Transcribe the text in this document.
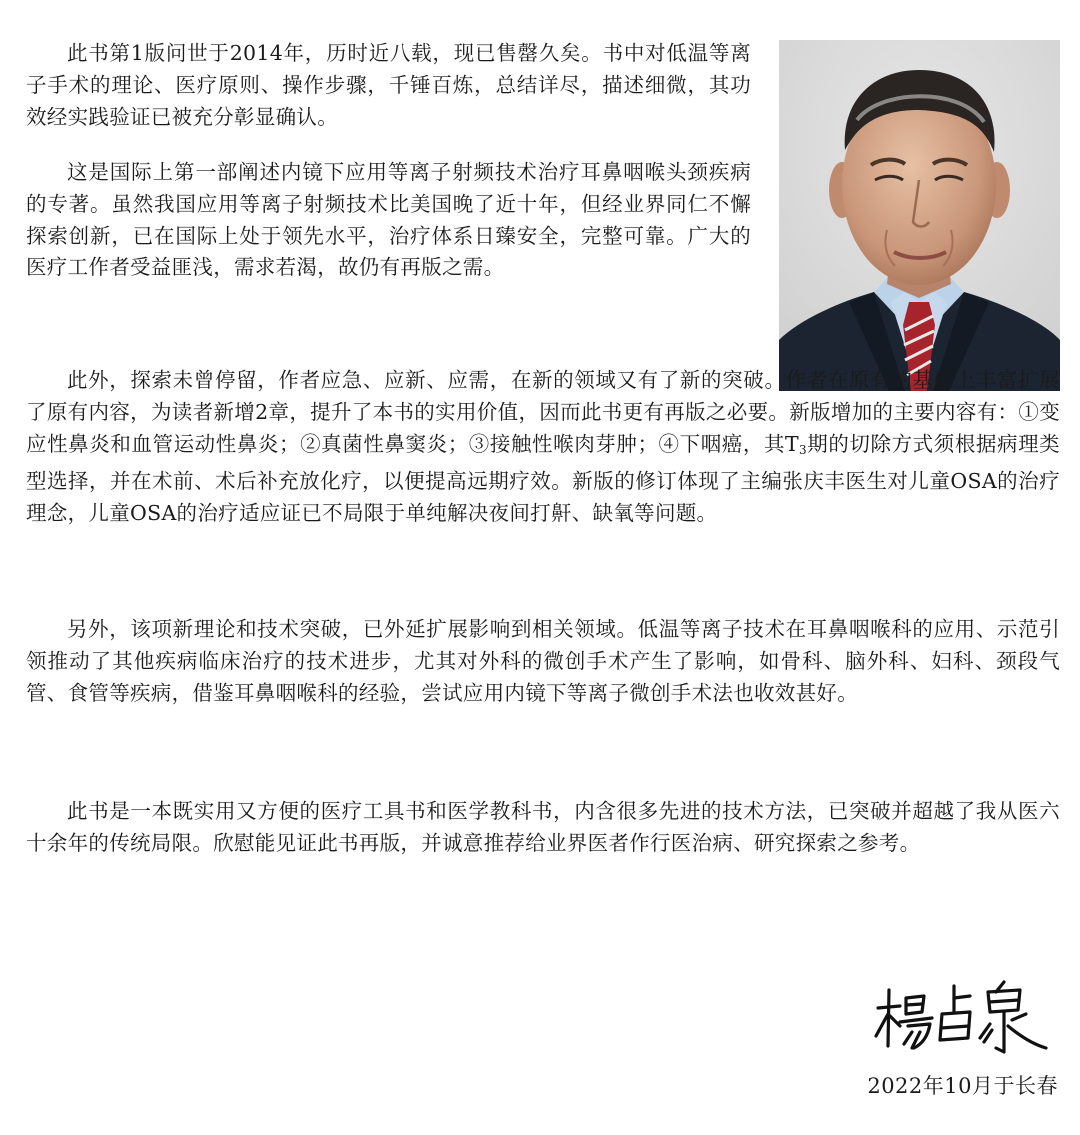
此书第1版问世于2014年，历时近八载，现已售罄久矣。书中对低温等离子手术的理论、医疗原则、操作步骤，千锤百炼，总结详尽，描述细微，其功效经实践验证已被充分彰显确认。

这是国际上第一部阐述内镜下应用等离子射频技术治疗耳鼻咽喉头颈疾病的专著。虽然我国应用等离子射频技术比美国晚了近十年，但经业界同仁不懈探索创新，已在国际上处于领先水平，治疗体系日臻安全，完整可靠。广大的医疗工作者受益匪浅，需求若渴，故仍有再版之需。

此外，探索未曾停留，作者应急、应新、应需，在新的领域又有了新的突破。作者在原有的基础上丰富扩展了原有内容，为读者新增2章，提升了本书的实用价值，因而此书更有再版之必要。新版增加的主要内容有：①变应性鼻炎和血管运动性鼻炎；②真菌性鼻窦炎；③接触性喉肉芽肿；④下咽癌，其$T_3$期的切除方式须根据病理类型选择，并在术前、术后补充放化疗，以便提高远期疗效。新版的修订体现了主编张庆丰医生对儿童OSA的治疗理念，儿童OSA的治疗适应证已不局限于单纯解决夜间打鼾、缺氧等问题。

另外，该项新理论和技术突破，已外延扩展影响到相关领域。低温等离子技术在耳鼻咽喉科的应用、示范引领推动了其他疾病临床治疗的技术进步，尤其对外科的微创手术产生了影响，如骨科、脑外科、妇科、颈段气管、食管等疾病，借鉴耳鼻咽喉科的经验，尝试应用内镜下等离子微创手术法也收效甚好。

此书是一本既实用又方便的医疗工具书和医学教科书，内含很多先进的技术方法，已突破并超越了我从医六十余年的传统局限。欣慰能见证此书再版，并诚意推荐给业界医者作行医治病、研究探索之参考。

2022年10月于长春
